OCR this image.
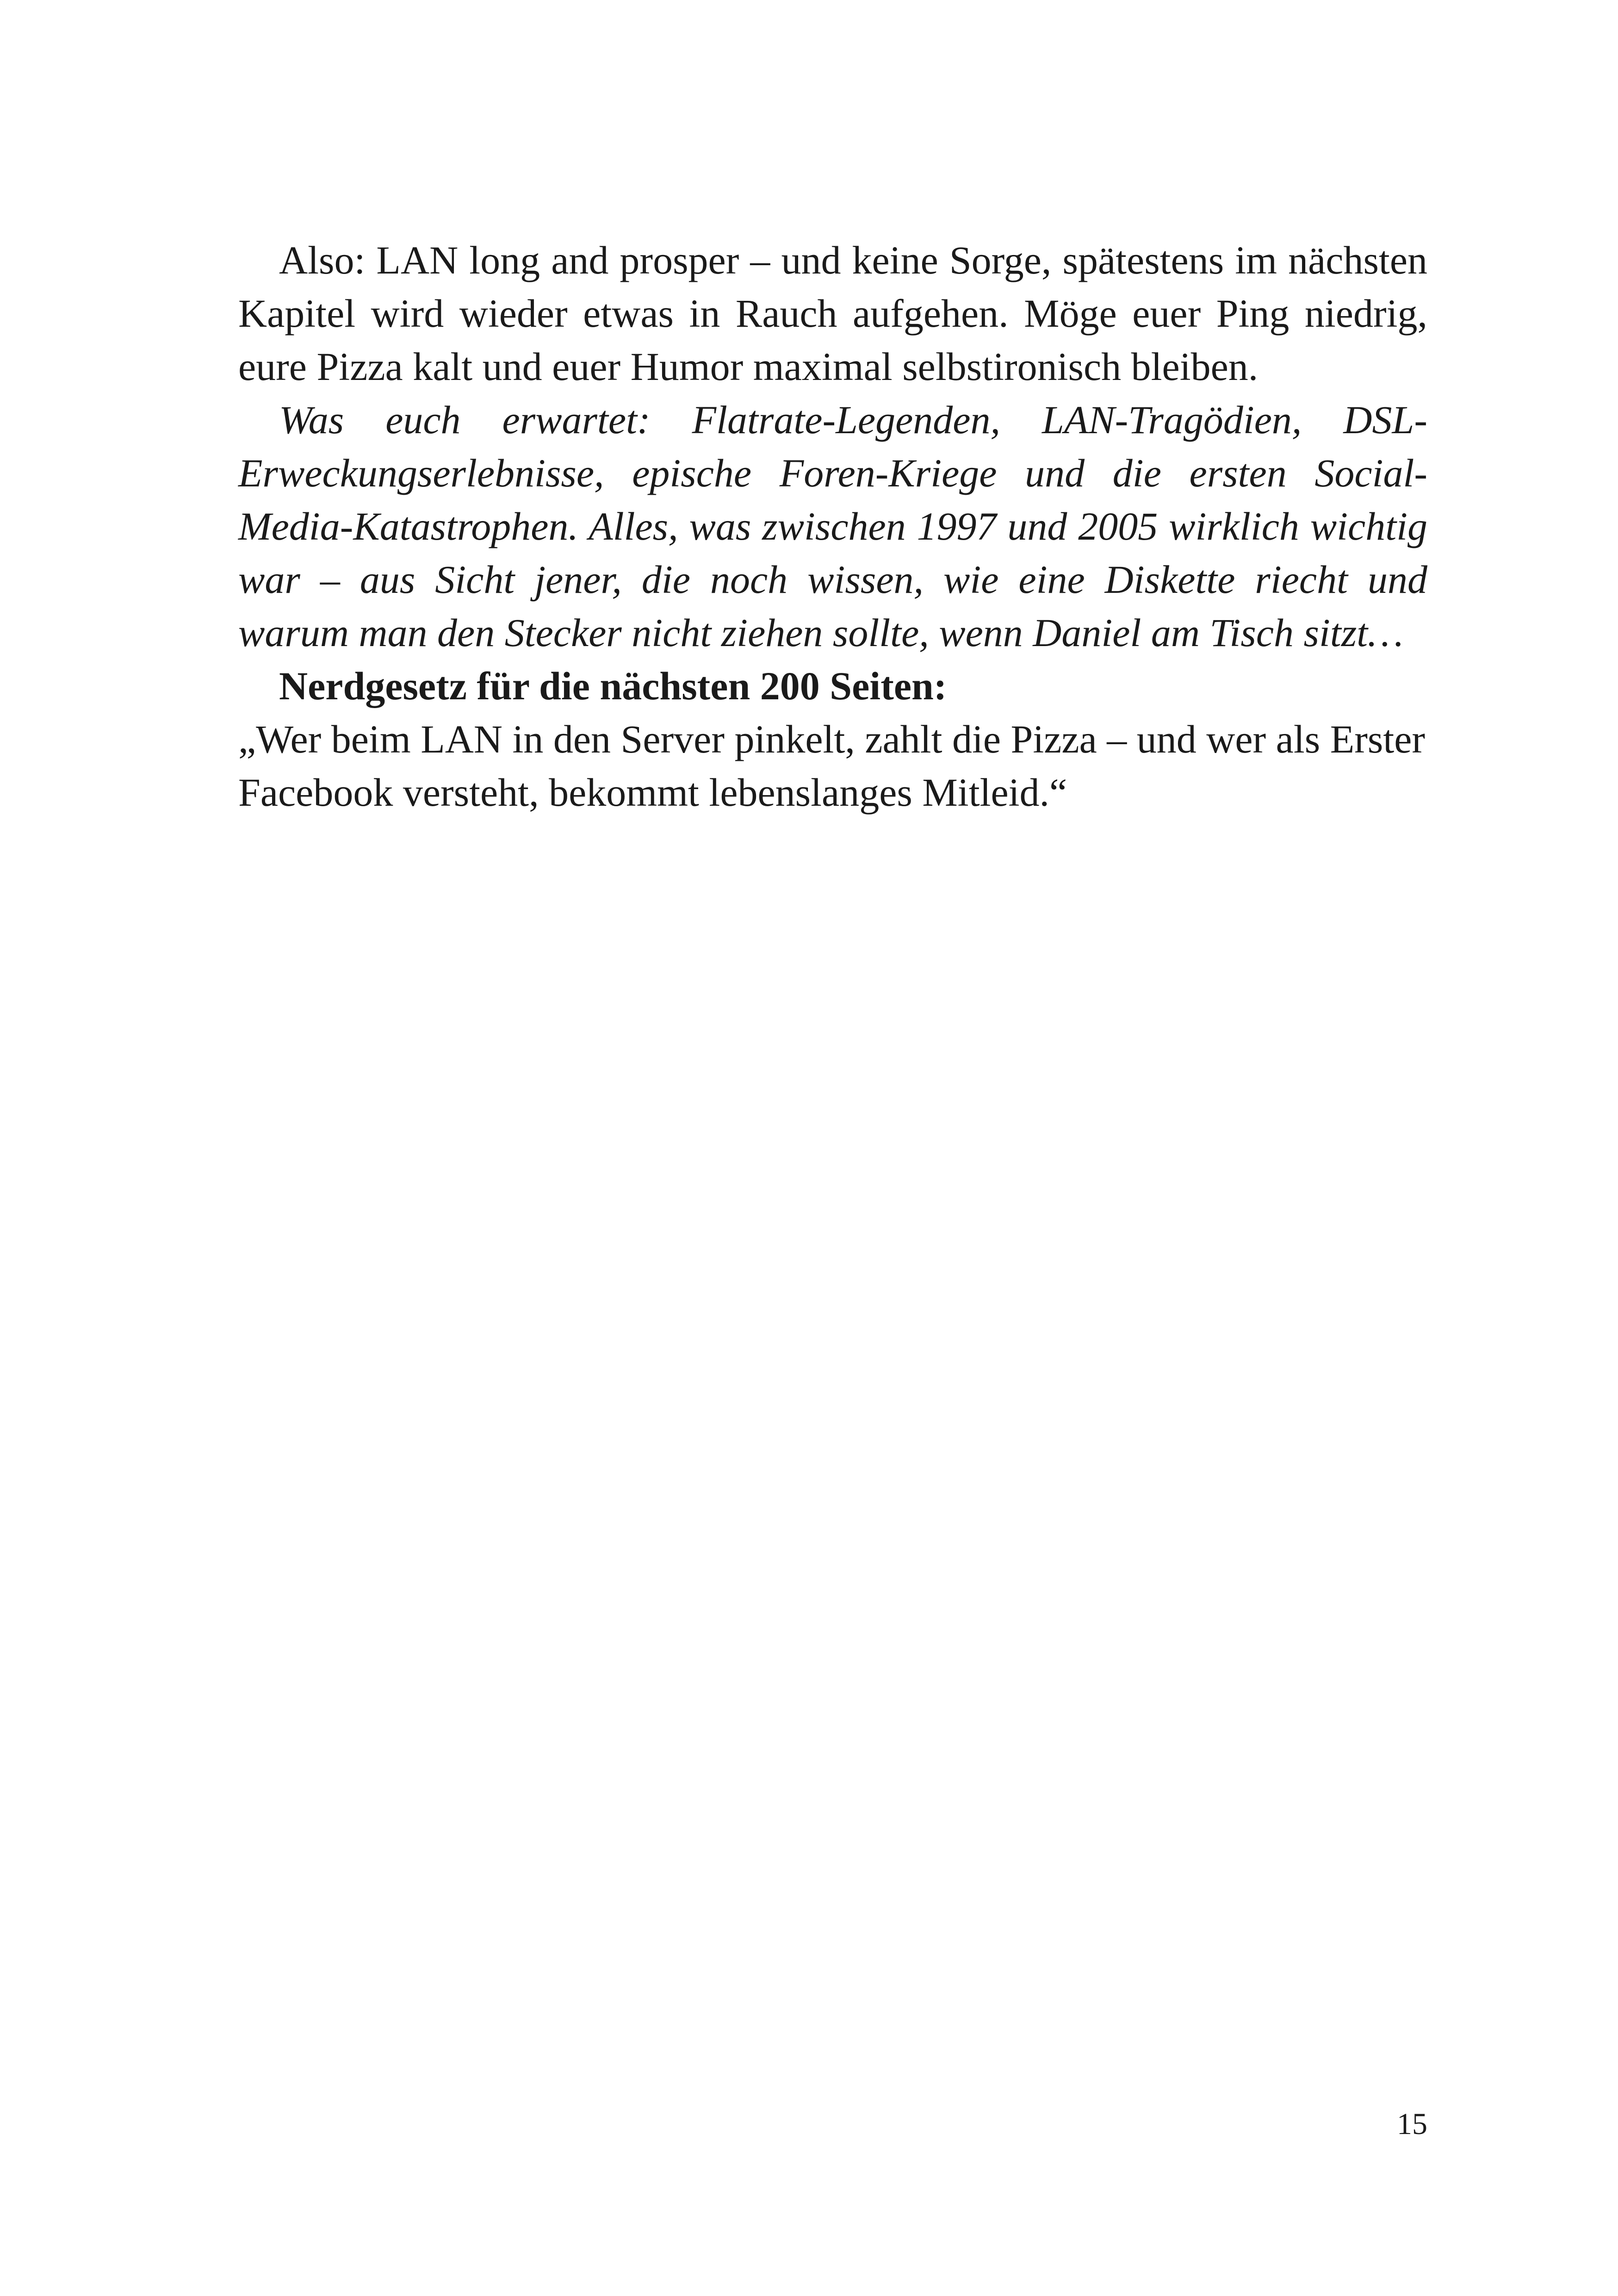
Also: LAN long and prosper – und keine Sorge, spätestens im nächsten Kapitel wird wieder etwas in Rauch aufgehen. Möge euer Ping niedrig, eure Pizza kalt und euer Humor maximal selbstironisch bleiben.

Was euch erwartet: Flatrate-Legenden, LAN-Tragödien, DSL-Erweckungserlebnisse, epische Foren-Kriege und die ersten Social-Media-Katastrophen. Alles, was zwischen 1997 und 2005 wirklich wichtig war – aus Sicht jener, die noch wissen, wie eine Diskette riecht und warum man den Stecker nicht ziehen sollte, wenn Daniel am Tisch sitzt…

Nerdgesetz für die nächsten 200 Seiten:

„Wer beim LAN in den Server pinkelt, zahlt die Pizza – und wer als Erster Facebook versteht, bekommt lebenslanges Mitleid.“

15
